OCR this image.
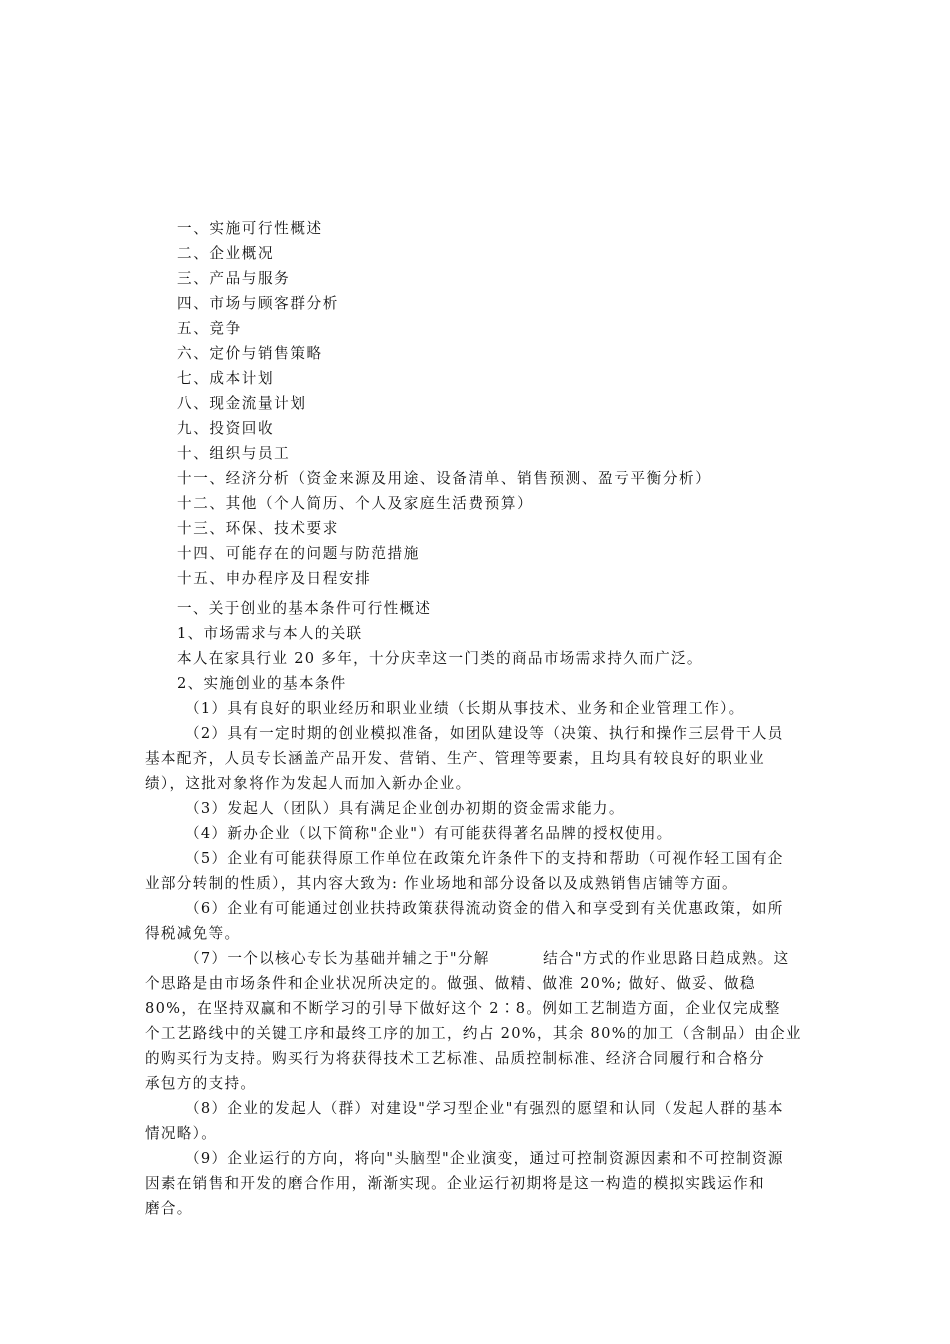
一、实施可行性概述
二、企业概况
三、产品与服务
四、市场与顾客群分析
五、竞争
六、定价与销售策略
七、成本计划
八、现金流量计划
九、投资回收
十、组织与员工
十一、经济分析（资金来源及用途、设备清单、销售预测、盈亏平衡分析）
十二、其他（个人简历、个人及家庭生活费预算）
十三、环保、技术要求
十四、可能存在的问题与防范措施
十五、申办程序及日程安排
一、关于创业的基本条件可行性概述
1、市场需求与本人的关联
本人在家具行业 20 多年，十分庆幸这一门类的商品市场需求持久而广泛。
2、实施创业的基本条件
（1）具有良好的职业经历和职业业绩（长期从事技术、业务和企业管理工作）。
（2）具有一定时期的创业模拟准备，如团队建设等（决策、执行和操作三层骨干人员
基本配齐，人员专长涵盖产品开发、营销、生产、管理等要素，且均具有较良好的职业业
绩），这批对象将作为发起人而加入新办企业。
（3）发起人（团队）具有满足企业创办初期的资金需求能力。
（4）新办企业（以下简称"企业"）有可能获得著名品牌的授权使用。
（5）企业有可能获得原工作单位在政策允许条件下的支持和帮助（可视作轻工国有企
业部分转制的性质），其内容大致为: 作业场地和部分设备以及成熟销售店铺等方面。
（6）企业有可能通过创业扶持政策获得流动资金的借入和享受到有关优惠政策，如所
得税减免等。
（7）一个以核心专长为基础并辅之于"分解         结合"方式的作业思路日趋成熟。这
个思路是由市场条件和企业状况所决定的。做强、做精、做准 20%; 做好、做妥、做稳
80%，在坚持双赢和不断学习的引导下做好这个 2∶8。例如工艺制造方面，企业仅完成整
个工艺路线中的关键工序和最终工序的加工，约占 20%，其余 80%的加工（含制品）由企业
的购买行为支持。购买行为将获得技术工艺标准、品质控制标准、经济合同履行和合格分
承包方的支持。
（8）企业的发起人（群）对建设"学习型企业"有强烈的愿望和认同（发起人群的基本
情况略）。
（9）企业运行的方向，将向"头脑型"企业演变，通过可控制资源因素和不可控制资源
因素在销售和开发的磨合作用，渐渐实现。企业运行初期将是这一构造的模拟实践运作和
磨合。
